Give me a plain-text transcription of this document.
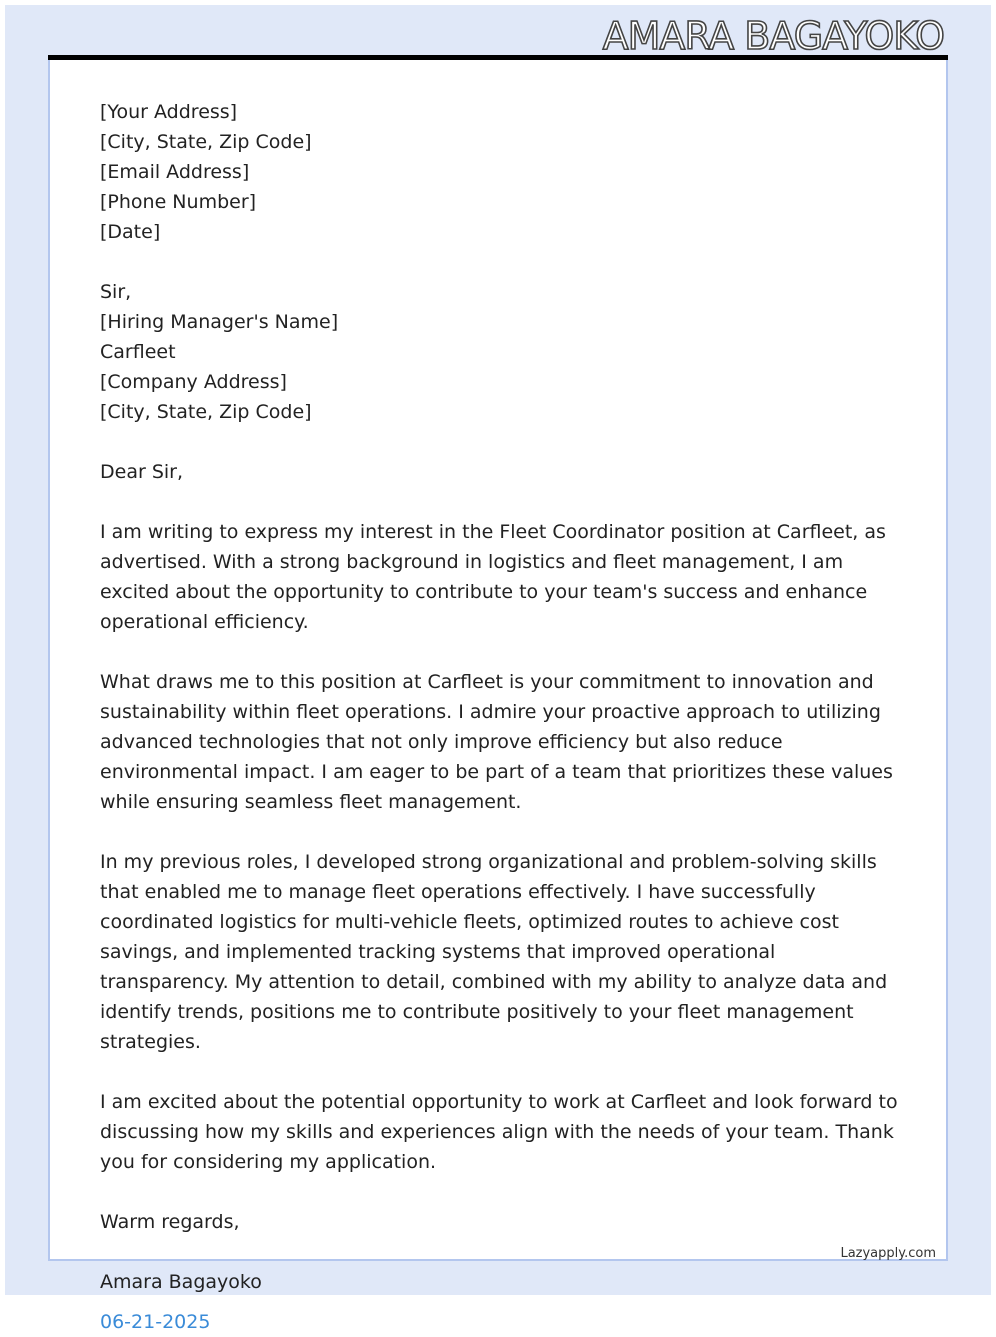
AMARA BAGAYOKO
[Your Address]
[City, State, Zip Code]
[Email Address]
[Phone Number]
[Date]
Sir,
[Hiring Manager's Name]
Carfleet
[Company Address]
[City, State, Zip Code]
Dear Sir,

I am writing to express my interest in the Fleet Coordinator position at Carfleet, as advertised. With a strong background in logistics and fleet management, I am excited about the opportunity to contribute to your team's success and enhance operational efficiency.

What draws me to this position at Carfleet is your commitment to innovation and sustainability within fleet operations. I admire your proactive approach to utilizing advanced technologies that not only improve efficiency but also reduce environmental impact. I am eager to be part of a team that prioritizes these values while ensuring seamless fleet management.

In my previous roles, I developed strong organizational and problem-solving skills that enabled me to manage fleet operations effectively. I have successfully coordinated logistics for multi-vehicle fleets, optimized routes to achieve cost savings, and implemented tracking systems that improved operational transparency. My attention to detail, combined with my ability to analyze data and identify trends, positions me to contribute positively to your fleet management strategies.

I am excited about the potential opportunity to work at Carfleet and look forward to discussing how my skills and experiences align with the needs of your team. Thank you for considering my application.

Warm regards,
Amara Bagayoko
06-21-2025
Lazyapply.com
